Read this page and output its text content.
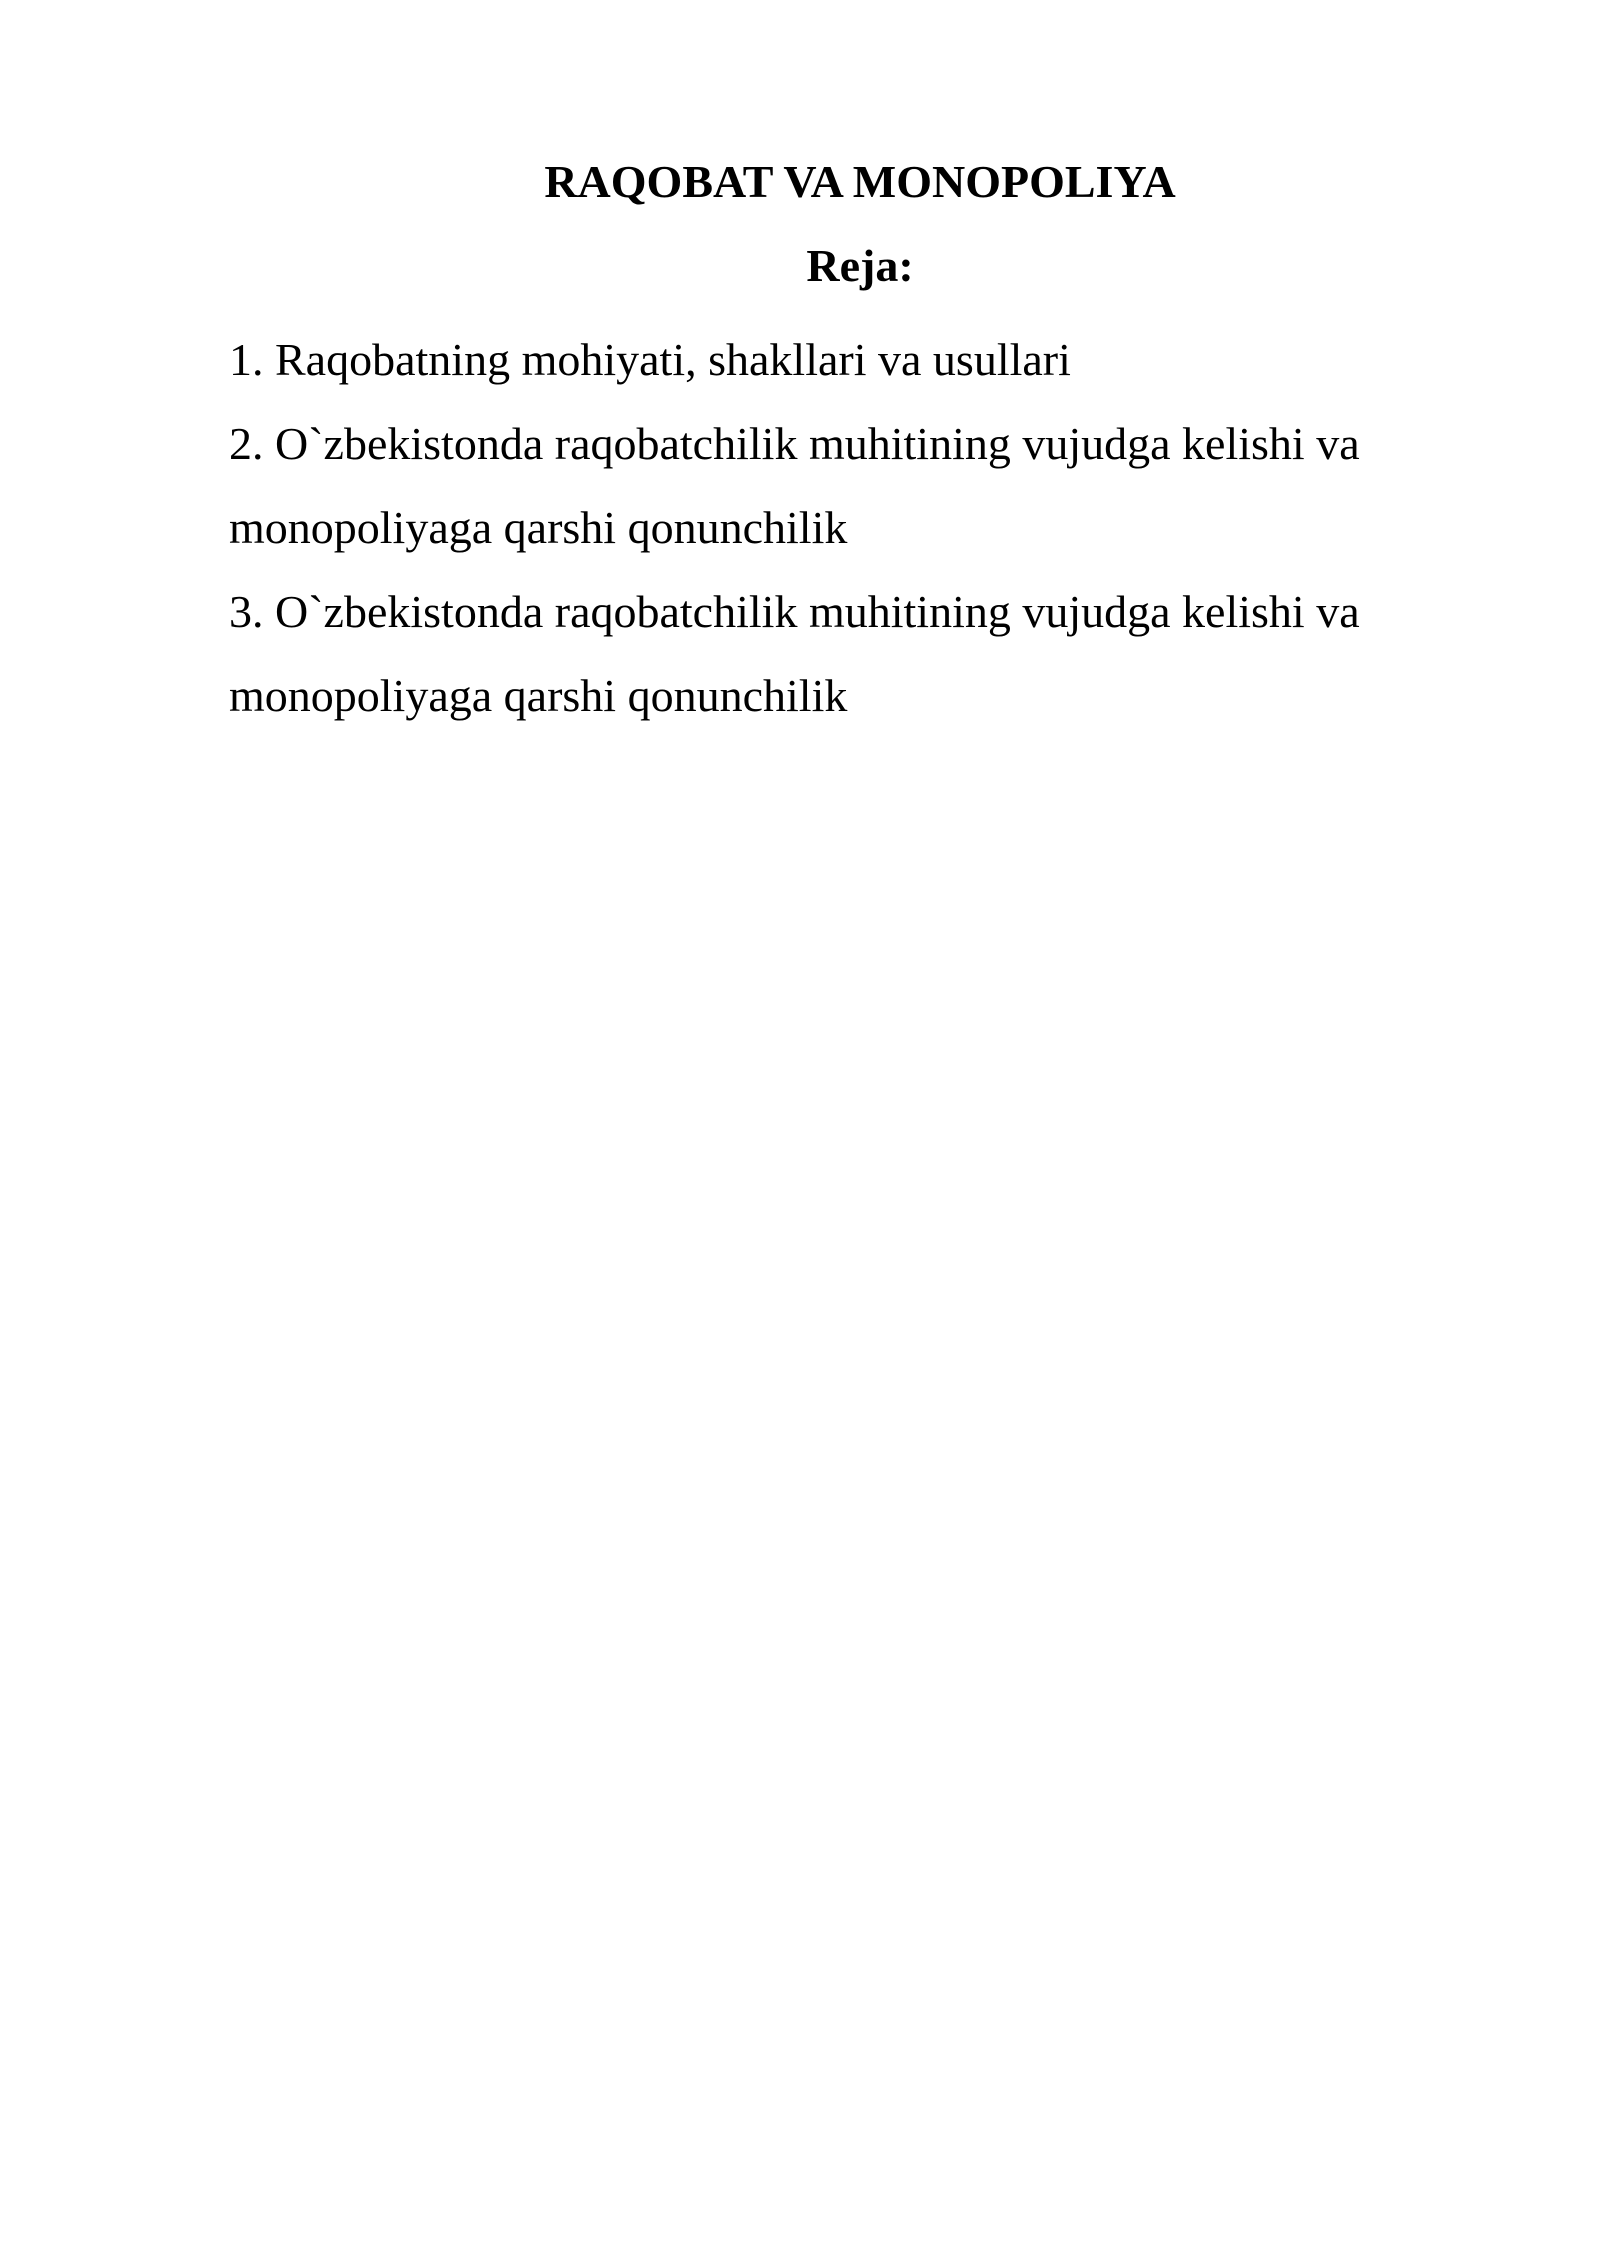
RAQOBAT VA MONOPOLIYA
Reja:
1. Raqobatning mohiyati, shakllari va usullari
2. O`zbekistonda raqobatchilik muhitining vujudga kelishi va
monopoliyaga qarshi qonunchilik
3. O`zbekistonda raqobatchilik muhitining vujudga kelishi va
monopoliyaga qarshi qonunchilik
